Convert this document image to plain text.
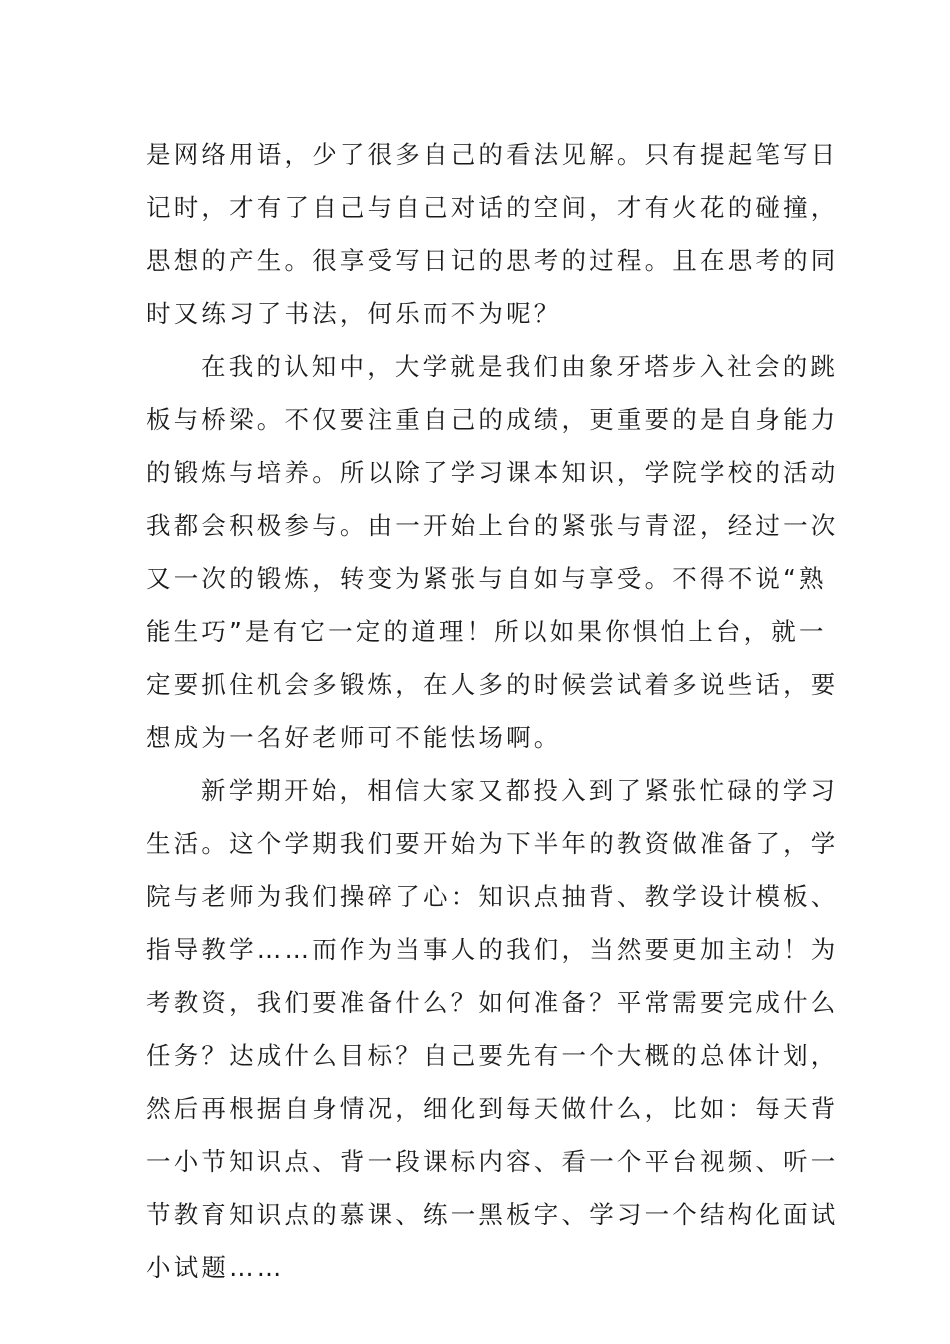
是网络用语，少了很多自己的看法见解。只有提起笔写日
记时，才有了自己与自己对话的空间，才有火花的碰撞，
思想的产生。很享受写日记的思考的过程。且在思考的同
时又练习了书法，何乐而不为呢？
在我的认知中，大学就是我们由象牙塔步入社会的跳
板与桥梁。不仅要注重自己的成绩，更重要的是自身能力
的锻炼与培养。所以除了学习课本知识，学院学校的活动
我都会积极参与。由一开始上台的紧张与青涩，经过一次
又一次的锻炼，转变为紧张与自如与享受。不得不说“熟
能生巧”是有它一定的道理！所以如果你惧怕上台，就一
定要抓住机会多锻炼，在人多的时候尝试着多说些话，要
想成为一名好老师可不能怯场啊。
新学期开始，相信大家又都投入到了紧张忙碌的学习
生活。这个学期我们要开始为下半年的教资做准备了，学
院与老师为我们操碎了心：知识点抽背、教学设计模板、
指导教学……而作为当事人的我们，当然要更加主动！为
考教资，我们要准备什么？如何准备？平常需要完成什么
任务？达成什么目标？自己要先有一个大概的总体计划，
然后再根据自身情况，细化到每天做什么，比如：每天背
一小节知识点、背一段课标内容、看一个平台视频、听一
节教育知识点的慕课、练一黑板字、学习一个结构化面试
小试题……
